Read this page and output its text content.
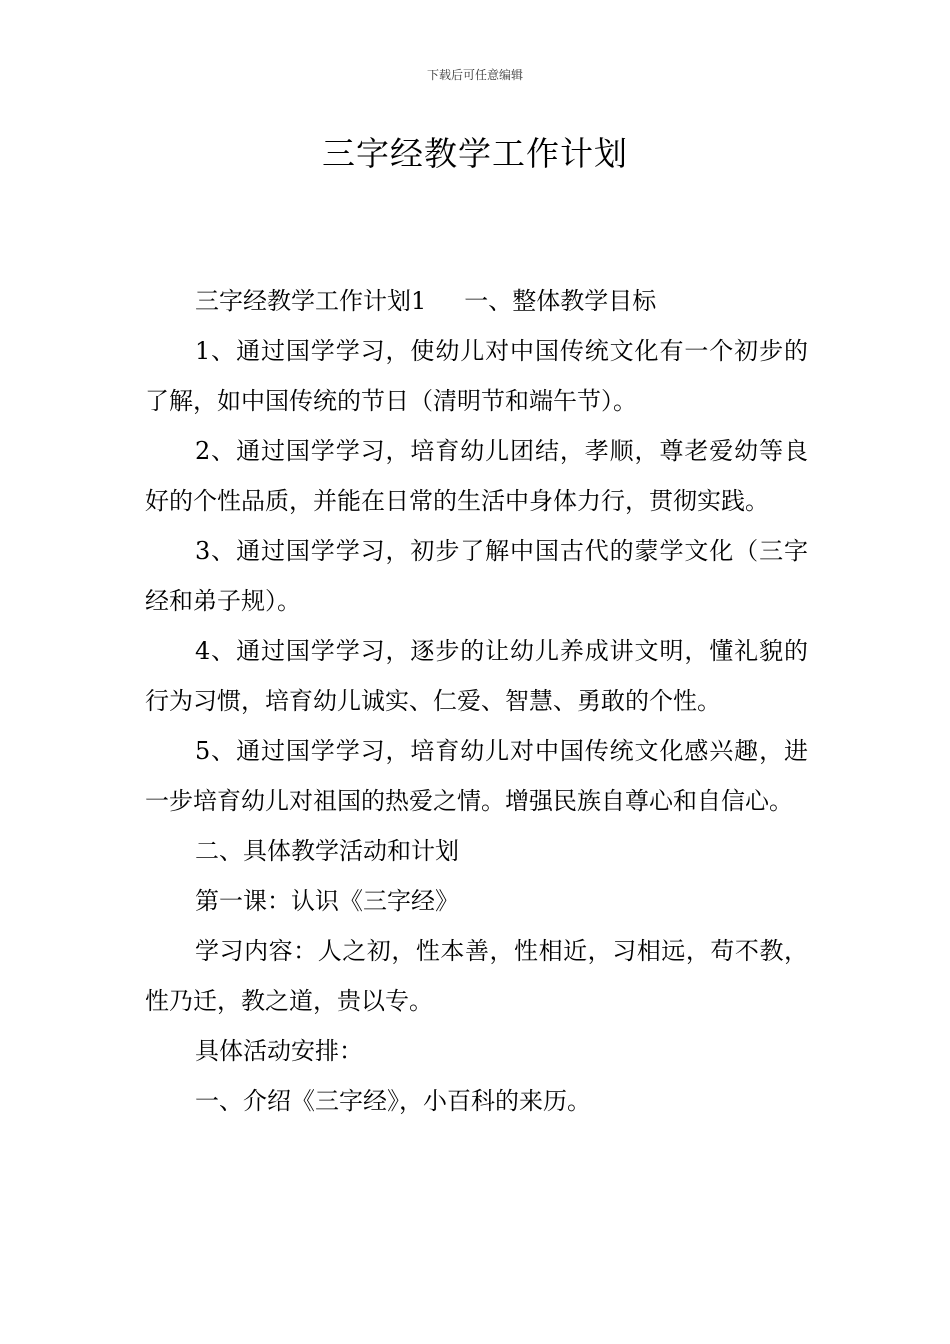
下载后可任意编辑
三字经教学工作计划

三字经教学工作计划1 一、整体教学目标

1、通过国学学习，使幼儿对中国传统文化有一个初步的了解，如中国传统的节日（清明节和端午节）。

2、通过国学学习，培育幼儿团结，孝顺，尊老爱幼等良好的个性品质，并能在日常的生活中身体力行，贯彻实践。

3、通过国学学习，初步了解中国古代的蒙学文化（三字经和弟子规）。

4、通过国学学习，逐步的让幼儿养成讲文明，懂礼貌的行为习惯，培育幼儿诚实、仁爱、智慧、勇敢的个性。

5、通过国学学习，培育幼儿对中国传统文化感兴趣，进一步培育幼儿对祖国的热爱之情。增强民族自尊心和自信心。

二、具体教学活动和计划

第一课：认识《三字经》

学习内容：人之初，性本善，性相近，习相远，苟不教，性乃迁，教之道，贵以专。

具体活动安排：

一、介绍《三字经》，小百科的来历。
